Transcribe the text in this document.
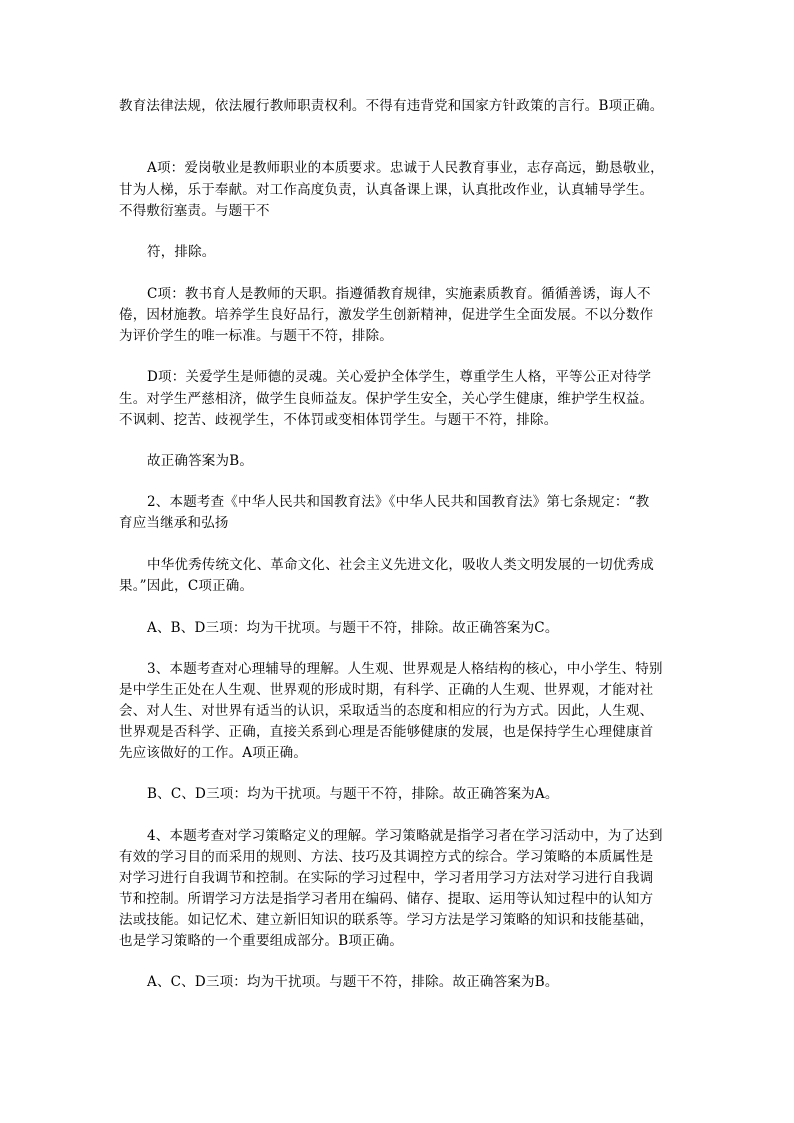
教育法律法规，依法履行教师职责权利。不得有违背党和国家方针政策的言行。B项正确。
A项：爱岗敬业是教师职业的本质要求。忠诚于人民教育事业，志存高远，勤恳敬业，
甘为人梯，乐于奉献。对工作高度负责，认真备课上课，认真批改作业，认真辅导学生。
不得敷衍塞责。与题干不
符，排除。
C项：教书育人是教师的天职。指遵循教育规律，实施素质教育。循循善诱，诲人不
倦，因材施教。培养学生良好品行，激发学生创新精神，促进学生全面发展。不以分数作
为评价学生的唯一标准。与题干不符，排除。
D项：关爱学生是师德的灵魂。关心爱护全体学生，尊重学生人格，平等公正对待学
生。对学生严慈相济，做学生良师益友。保护学生安全，关心学生健康，维护学生权益。
不讽刺、挖苦、歧视学生，不体罚或变相体罚学生。与题干不符，排除。
故正确答案为B。
2、本题考查《中华人民共和国教育法》《中华人民共和国教育法》第七条规定：“教
育应当继承和弘扬
中华优秀传统文化、革命文化、社会主义先进文化，吸收人类文明发展的一切优秀成
果。”因此，C项正确。
A、B、D三项：均为干扰项。与题干不符，排除。故正确答案为C。
3、本题考查对心理辅导的理解。人生观、世界观是人格结构的核心，中小学生、特别
是中学生正处在人生观、世界观的形成时期，有科学、正确的人生观、世界观，才能对社
会、对人生、对世界有适当的认识，采取适当的态度和相应的行为方式。因此，人生观、
世界观是否科学、正确，直接关系到心理是否能够健康的发展，也是保持学生心理健康首
先应该做好的工作。A项正确。
B、C、D三项：均为干扰项。与题干不符，排除。故正确答案为A。
4、本题考查对学习策略定义的理解。学习策略就是指学习者在学习活动中，为了达到
有效的学习目的而采用的规则、方法、技巧及其调控方式的综合。学习策略的本质属性是
对学习进行自我调节和控制。在实际的学习过程中，学习者用学习方法对学习进行自我调
节和控制。所谓学习方法是指学习者用在编码、储存、提取、运用等认知过程中的认知方
法或技能。如记忆术、建立新旧知识的联系等。学习方法是学习策略的知识和技能基础，
也是学习策略的一个重要组成部分。B项正确。
A、C、D三项：均为干扰项。与题干不符，排除。故正确答案为B。
